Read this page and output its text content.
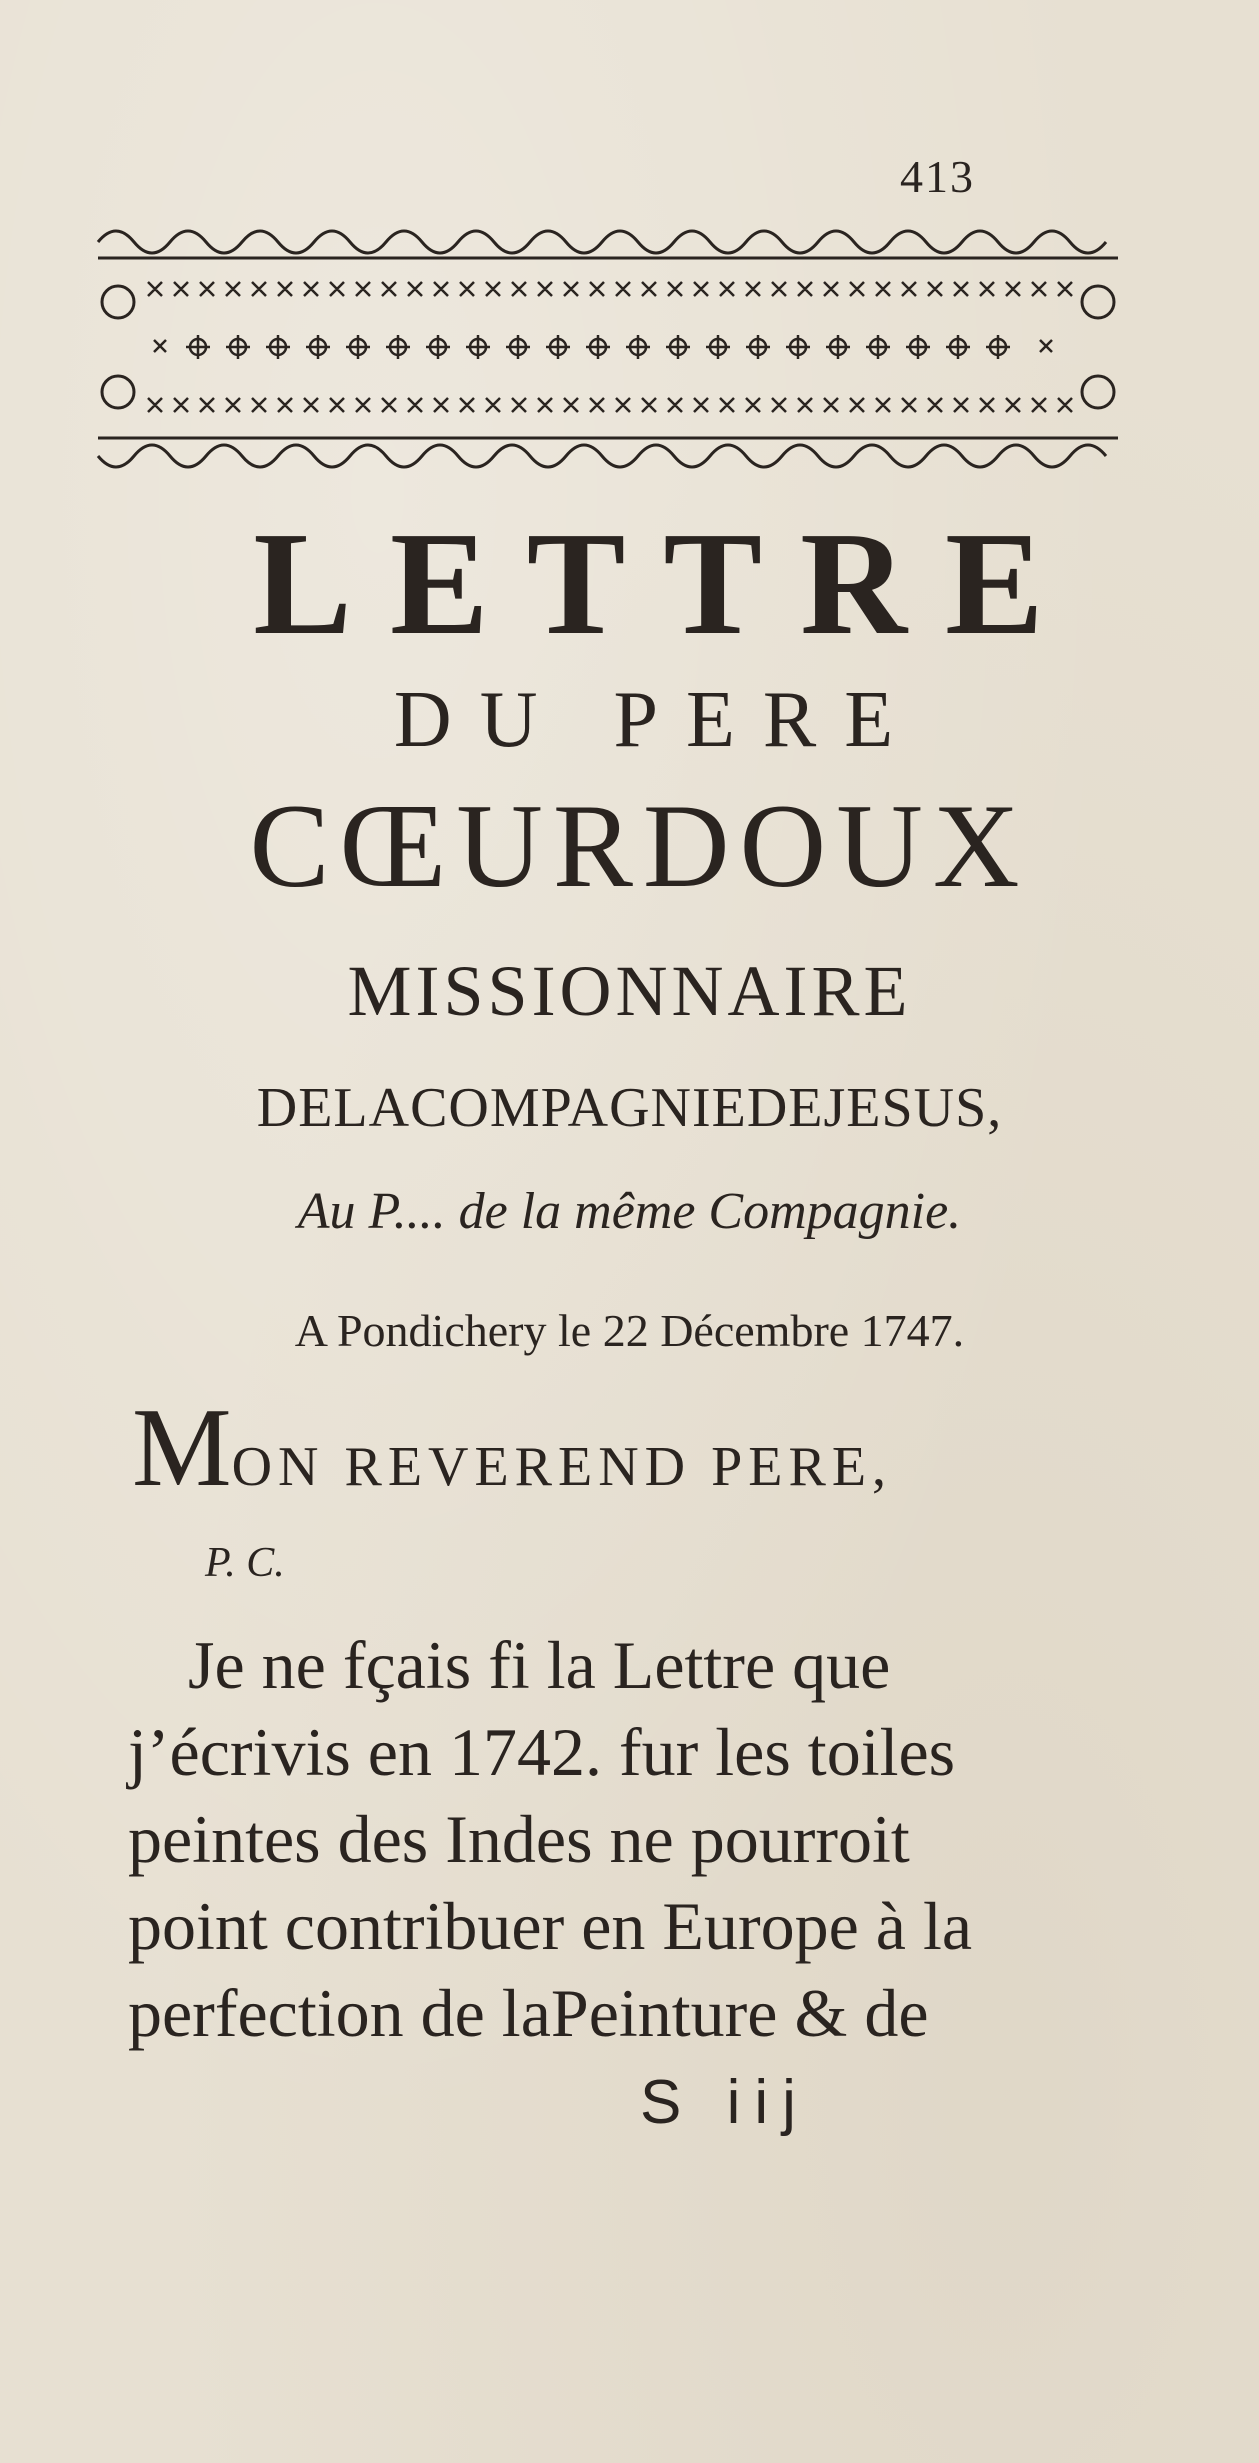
413
LETTRE
DU PERE
CŒURDOUX
MISSIONNAIRE
DELACOMPAGNIEDEJESUS,
Au P.... de la même Compagnie.
A Pondichery le 22 Décembre 1747.
MON REVEREND PERE,
P. C.
Je ne fçais fi la Lettre que
j’écrivis en 1742. fur les toiles
peintes des Indes ne pourroit
point contribuer en Europe à la
perfection de laPeinture & de
S iij
